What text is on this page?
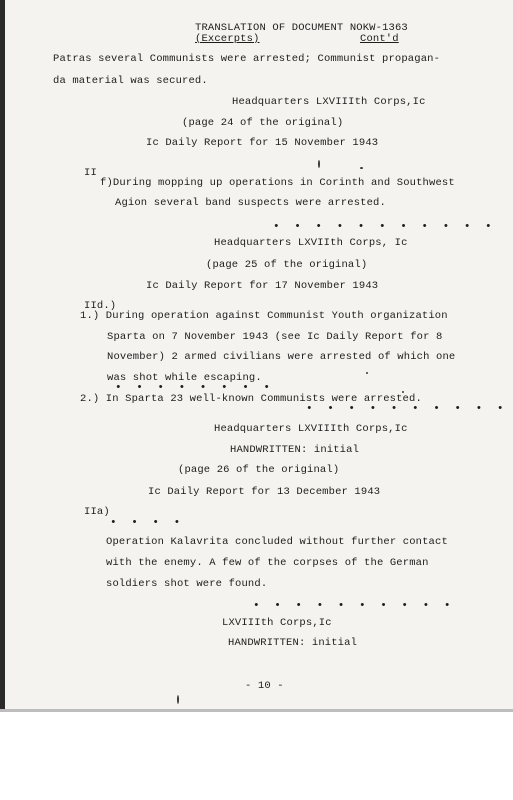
TRANSLATION OF DOCUMENT NOKW-1363
(Excerpts)	Cont'd
Patras several Communists were arrested; Communist propagan-
da material was secured.
Headquarters LXVIIIth Corps,Ic
(page 24 of the original)
Ic Daily Report for 15 November 1943
II
f)During mopping up operations in Corinth and Southwest
Agion several band suspects were arrested.
• • • • • • • • • • •
Headquarters LXVIIth Corps, Ic
(page 25 of the original)
Ic Daily Report for 17 November 1943
IId.)
1.) During operation against Communist Youth organization
Sparta on 7 November 1943 (see Ic Daily Report for 8
November) 2 armed civilians were arrested of which one
was shot while escaping.
• • • • • • • •
2.) In Sparta 23 well-known Communists were arrested.
• • • • • • • • • •
Headquarters LXVIIIth Corps,Ic
HANDWRITTEN: initial
(page 26 of the original)
Ic Daily Report for 13 December 1943
IIa)
• • • •
Operation Kalavrita concluded without further contact
with the enemy. A few of the corpses of the German
soldiers shot were found.
• • • • • • • • • •
LXVIIIth Corps,Ic
HANDWRITTEN: initial
- 10 -
